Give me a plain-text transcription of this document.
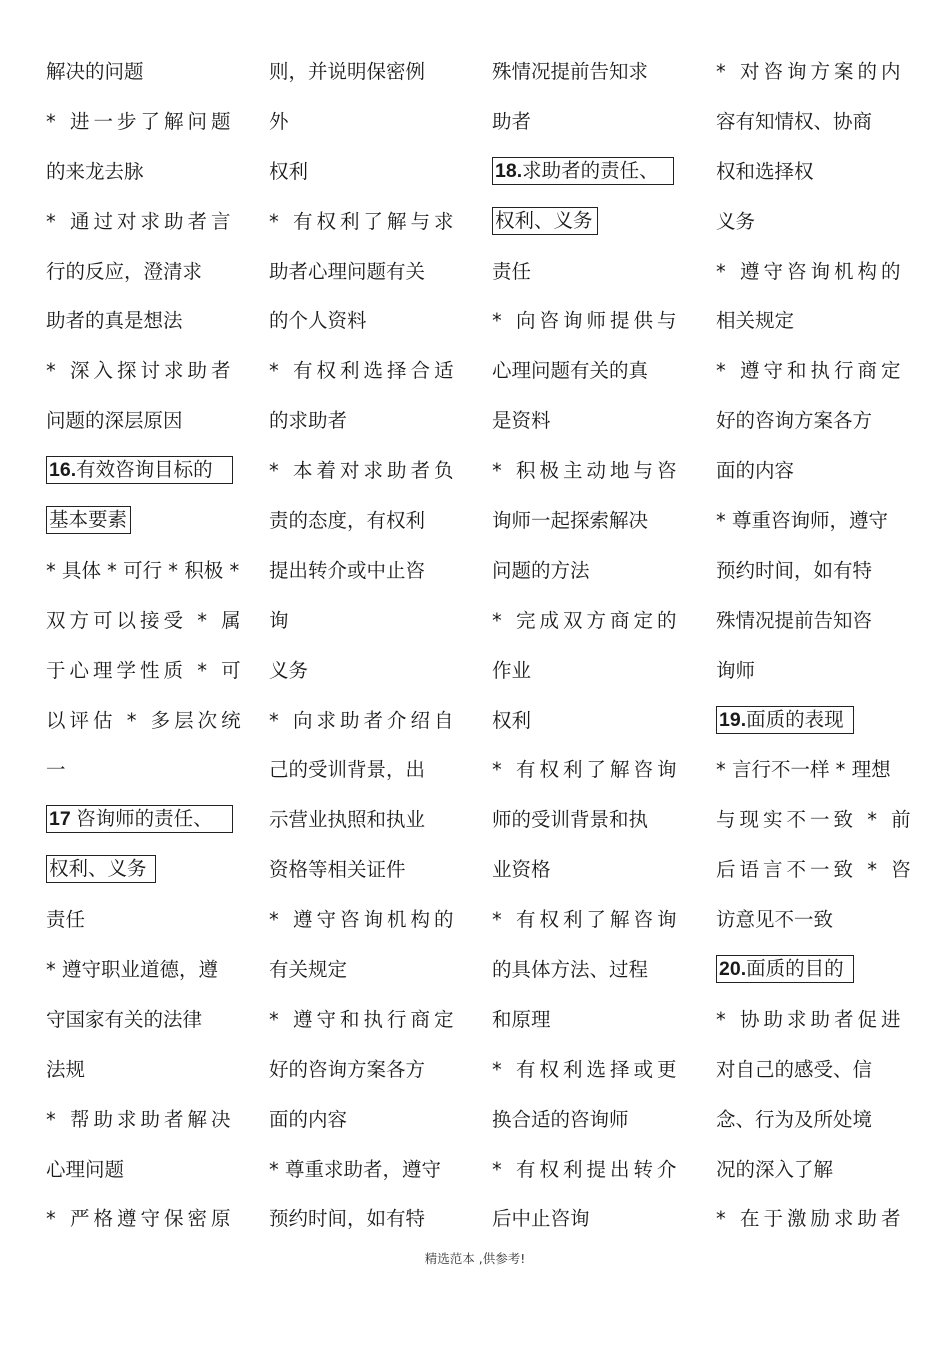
解决的问题
* 进一步了解问题
的来龙去脉
* 通过对求助者言
行的反应，澄清求
助者的真是想法
* 深入探讨求助者
问题的深层原因
16.有效咨询目标的
基本要素
* 具体 * 可行 * 积极 *
双方可以接受 * 属
于心理学性质 * 可
以评估 * 多层次统
一
17 咨询师的责任、
权利、义务
责任
* 遵守职业道德，遵
守国家有关的法律
法规
* 帮助求助者解决
心理问题
* 严格遵守保密原
则，并说明保密例
外
权利
* 有权利了解与求
助者心理问题有关
的个人资料
* 有权利选择合适
的求助者
* 本着对求助者负
责的态度，有权利
提出转介或中止咨
询
义务
* 向求助者介绍自
己的受训背景，出
示营业执照和执业
资格等相关证件
* 遵守咨询机构的
有关规定
* 遵守和执行商定
好的咨询方案各方
面的内容
* 尊重求助者，遵守
预约时间，如有特
殊情况提前告知求
助者
18.求助者的责任、
权利、义务
责任
* 向咨询师提供与
心理问题有关的真
是资料
* 积极主动地与咨
询师一起探索解决
问题的方法
* 完成双方商定的
作业
权利
* 有权利了解咨询
师的受训背景和执
业资格
* 有权利了解咨询
的具体方法、过程
和原理
* 有权利选择或更
换合适的咨询师
* 有权利提出转介
后中止咨询
* 对咨询方案的内
容有知情权、协商
权和选择权
义务
* 遵守咨询机构的
相关规定
* 遵守和执行商定
好的咨询方案各方
面的内容
* 尊重咨询师，遵守
预约时间，如有特
殊情况提前告知咨
询师
19.面质的表现
* 言行不一样 * 理想
与现实不一致 * 前
后语言不一致 * 咨
访意见不一致
20.面质的目的
* 协助求助者促进
对自己的感受、信
念、行为及所处境
况的深入了解
* 在于激励求助者
精选范本 ,供参考!
